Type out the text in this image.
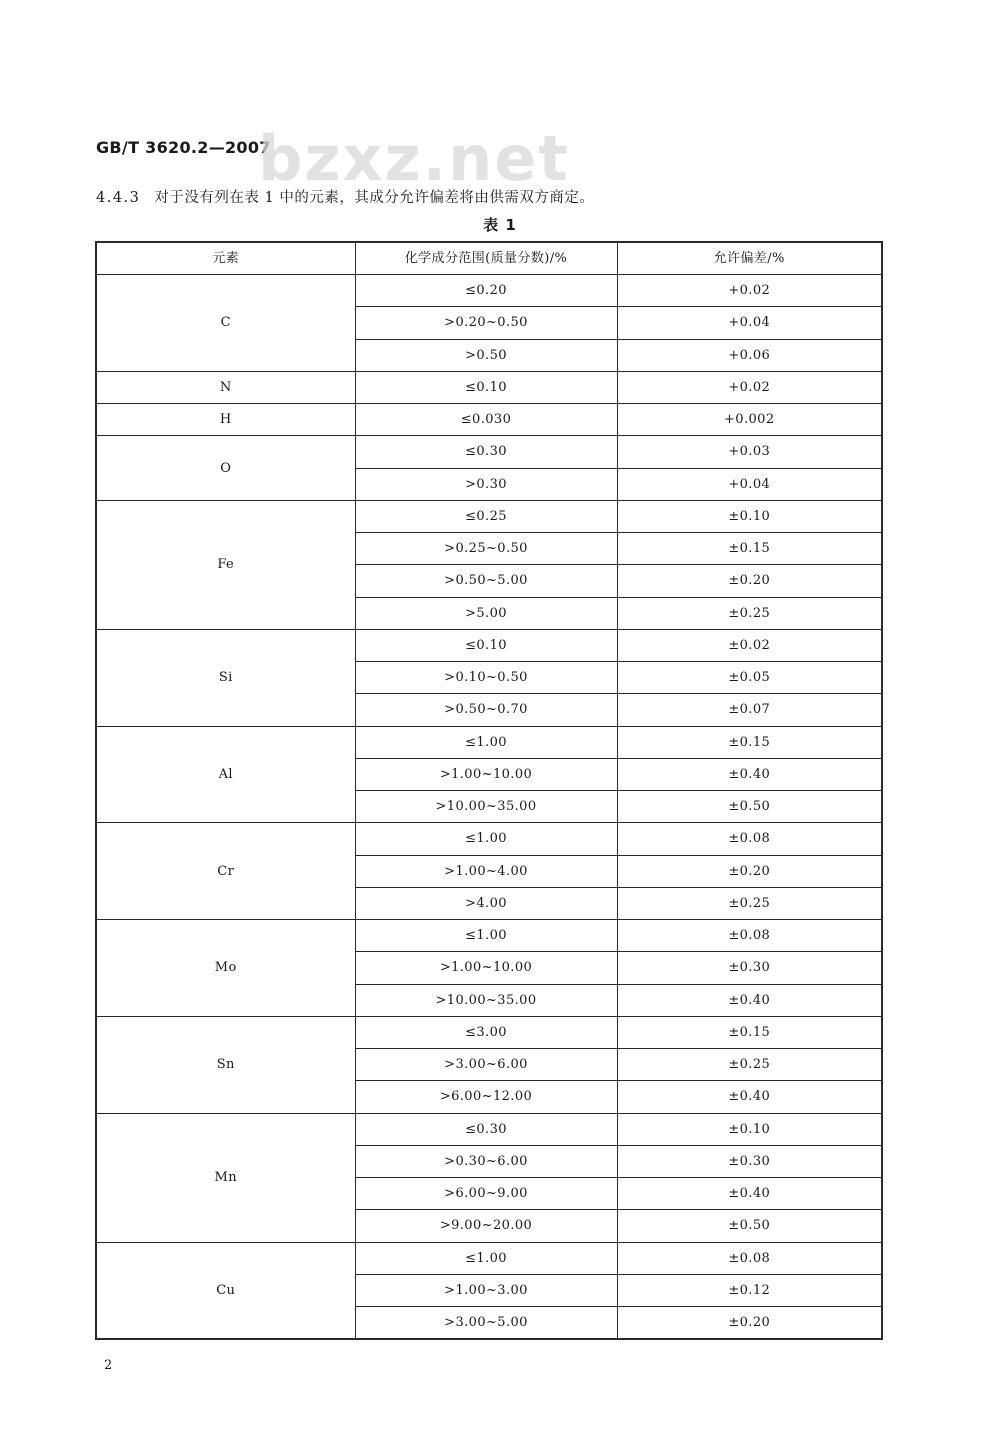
GB/T 3620.2—2007
bzxz.net
4.4.3 对于没有列在表 1 中的元素，其成分允许偏差将由供需双方商定。
表 1
元素	化学成分范围(质量分数)/%	允许偏差/%
C	≤0.20	+0.02
	>0.20~0.50	+0.04
	>0.50	+0.06
N	≤0.10	+0.02
H	≤0.030	+0.002
O	≤0.30	+0.03
	>0.30	+0.04
Fe	≤0.25	±0.10
	>0.25~0.50	±0.15
	>0.50~5.00	±0.20
	>5.00	±0.25
Si	≤0.10	±0.02
	>0.10~0.50	±0.05
	>0.50~0.70	±0.07
Al	≤1.00	±0.15
	>1.00~10.00	±0.40
	>10.00~35.00	±0.50
Cr	≤1.00	±0.08
	>1.00~4.00	±0.20
	>4.00	±0.25
Mo	≤1.00	±0.08
	>1.00~10.00	±0.30
	>10.00~35.00	±0.40
Sn	≤3.00	±0.15
	>3.00~6.00	±0.25
	>6.00~12.00	±0.40
Mn	≤0.30	±0.10
	>0.30~6.00	±0.30
	>6.00~9.00	±0.40
	>9.00~20.00	±0.50
Cu	≤1.00	±0.08
	>1.00~3.00	±0.12
	>3.00~5.00	±0.20
2
